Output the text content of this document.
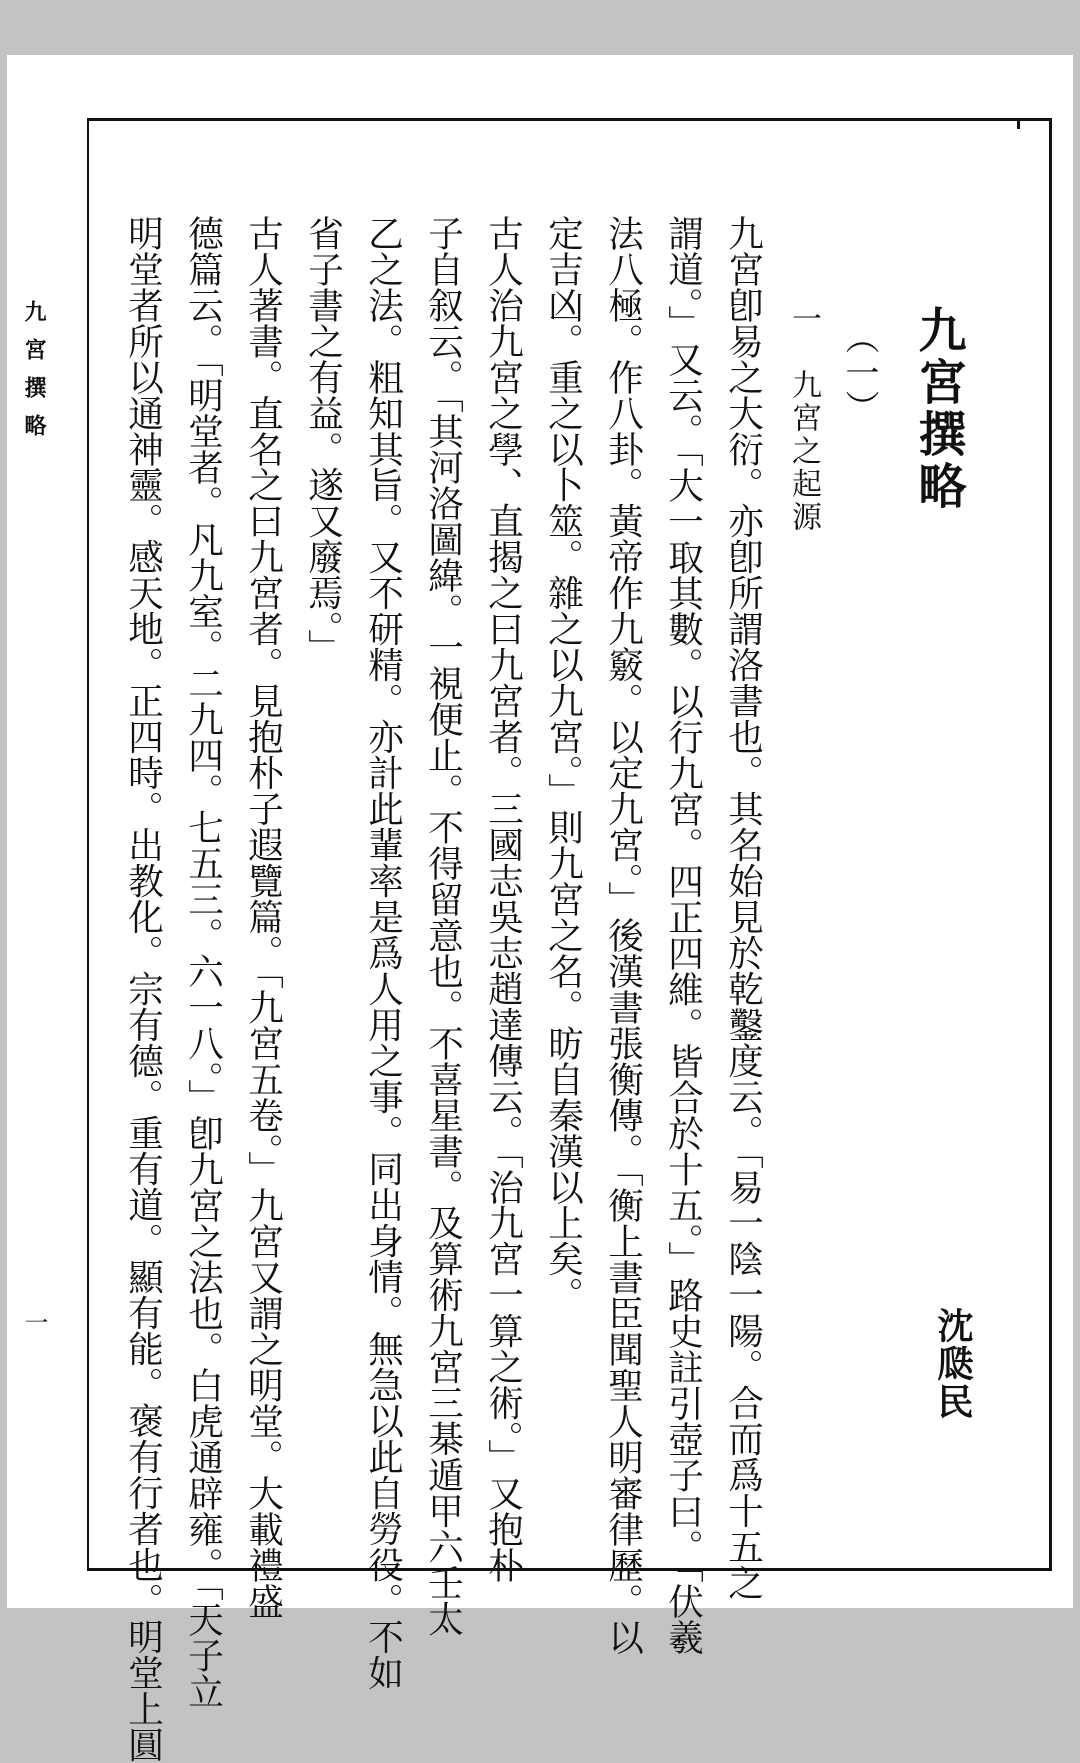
九宮撰略
沈瓞民
（一）
一　九宮之起源
九宮卽易之大衍。亦卽所謂洛書也。其名始見於乾鑿度云。「易一陰一陽。合而爲十五之
謂道。」又云。「大一取其數。以行九宮。四正四維。皆合於十五。」路史註引壺子曰。「伏羲
法八極。作八卦。黃帝作九竅。以定九宮。」後漢書張衡傳。「衡上書臣聞聖人明審律歷。以
定吉凶。重之以卜筮。雜之以九宮。」則九宮之名。昉自秦漢以上矣。
古人治九宮之學、直揭之曰九宮者。三國志吳志趙達傳云。「治九宮一算之術。」又抱朴
子自叙云。「其河洛圖緯。一視便止。不得留意也。不喜星書。及算術九宮三棊遁甲六壬太
乙之法。粗知其旨。又不研精。亦計此輩率是爲人用之事。同出身情。無急以此自勞役。不如
省子書之有益。遂又廢焉。」
古人著書。直名之曰九宮者。見抱朴子遐覽篇。「九宮五卷。」九宮又謂之明堂。大載禮盛
德篇云。「明堂者。凡九室。二九四。七五三。六一八。」卽九宮之法也。白虎通辟雍。「天子立
明堂者所以通神靈。感天地。正四時。出教化。宗有德。重有道。顯有能。褒有行者也。明堂上圓
九宮撰略
一
